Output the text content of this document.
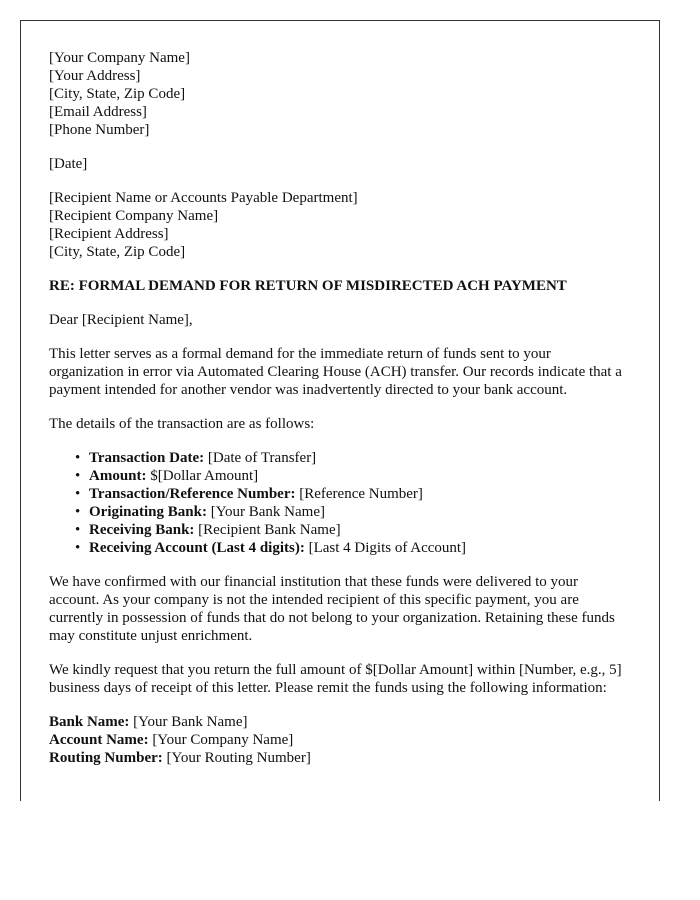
[Your Company Name]
[Your Address]
[City, State, Zip Code]
[Email Address]
[Phone Number]

[Date]

[Recipient Name or Accounts Payable Department]
[Recipient Company Name]
[Recipient Address]
[City, State, Zip Code]

RE: FORMAL DEMAND FOR RETURN OF MISDIRECTED ACH PAYMENT

Dear [Recipient Name],

This letter serves as a formal demand for the immediate return of funds sent to your organization in error via Automated Clearing House (ACH) transfer. Our records indicate that a payment intended for another vendor was inadvertently directed to your bank account.

The details of the transaction are as follows:

• Transaction Date: [Date of Transfer]
• Amount: $[Dollar Amount]
• Transaction/Reference Number: [Reference Number]
• Originating Bank: [Your Bank Name]
• Receiving Bank: [Recipient Bank Name]
• Receiving Account (Last 4 digits): [Last 4 Digits of Account]

We have confirmed with our financial institution that these funds were delivered to your account. As your company is not the intended recipient of this specific payment, you are currently in possession of funds that do not belong to your organization. Retaining these funds may constitute unjust enrichment.

We kindly request that you return the full amount of $[Dollar Amount] within [Number, e.g., 5] business days of receipt of this letter. Please remit the funds using the following information:

Bank Name: [Your Bank Name]
Account Name: [Your Company Name]
Routing Number: [Your Routing Number]
